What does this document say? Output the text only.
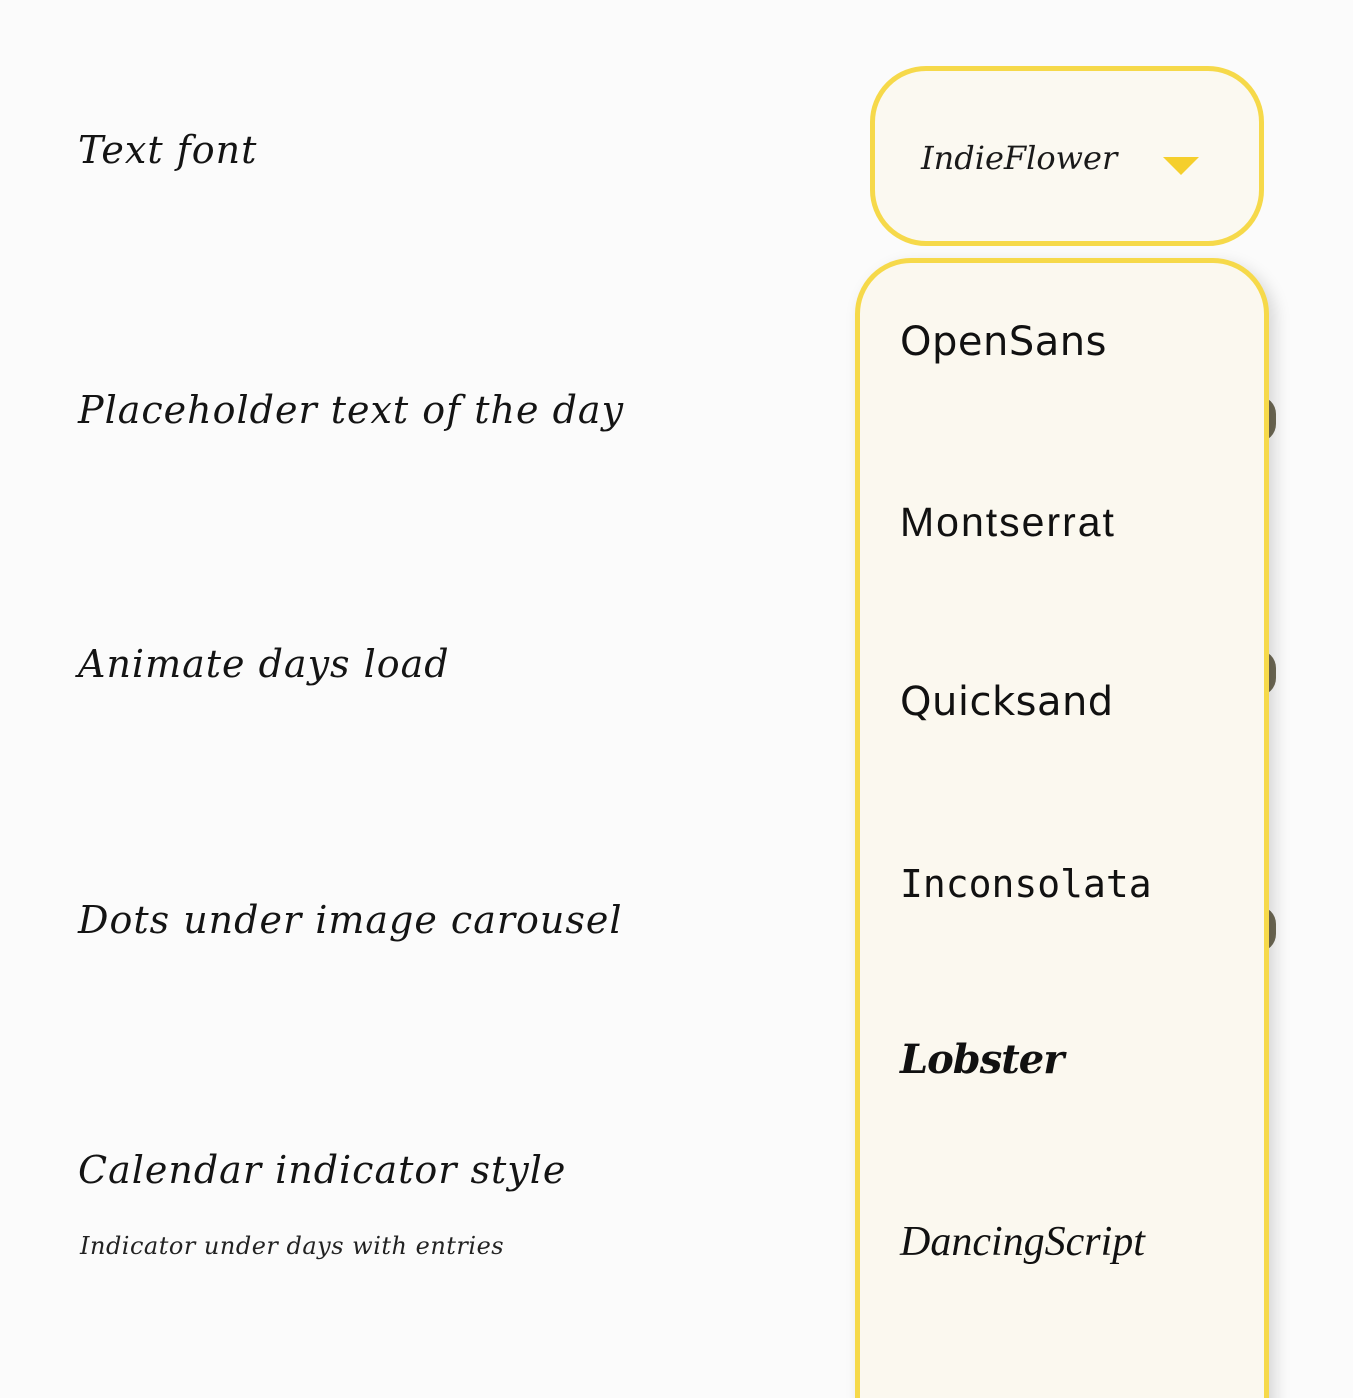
Text font
Placeholder text of the day
Animate days load
Dots under image carousel
Calendar indicator style
Indicator under days with entries
IndieFlower
OpenSans
Montserrat
Quicksand
Inconsolata
Lobster
DancingScript
